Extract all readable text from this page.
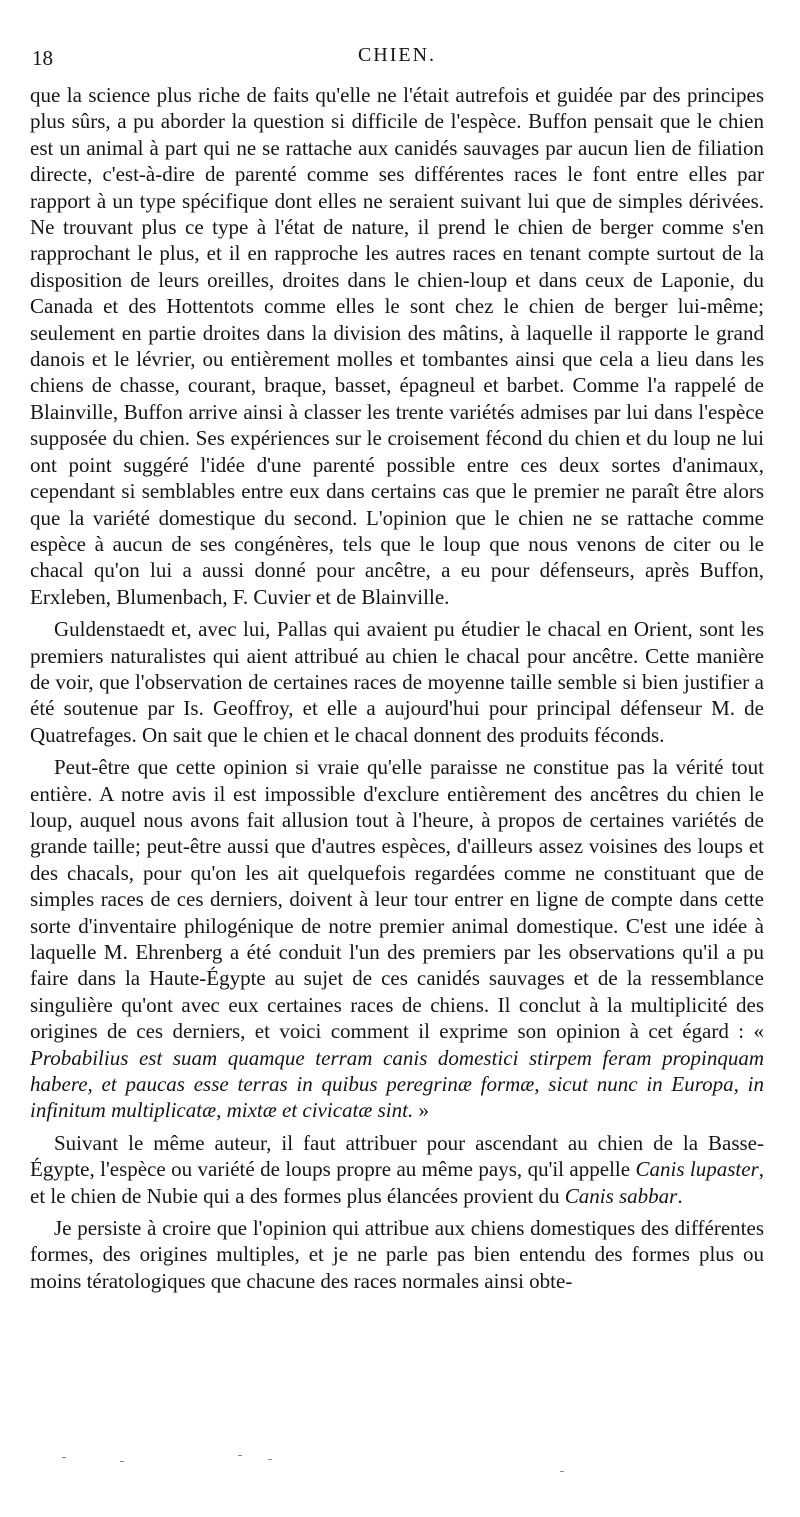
18	CHIEN.

que la science plus riche de faits qu'elle ne l'était autrefois et guidée par des principes plus sûrs, a pu aborder la question si difficile de l'espèce. Buffon pensait que le chien est un animal à part qui ne se rattache aux canidés sauvages par aucun lien de filiation directe, c'est-à-dire de parenté comme ses différentes races le font entre elles par rapport à un type spécifique dont elles ne seraient suivant lui que de simples dérivées. Ne trouvant plus ce type à l'état de nature, il prend le chien de berger comme s'en rapprochant le plus, et il en rapproche les autres races en tenant compte surtout de la disposition de leurs oreilles, droites dans le chien-loup et dans ceux de Laponie, du Canada et des Hottentots comme elles le sont chez le chien de berger lui-même; seulement en partie droites dans la division des mâtins, à laquelle il rapporte le grand danois et le lévrier, ou entièrement molles et tombantes ainsi que cela a lieu dans les chiens de chasse, courant, braque, basset, épagneul et barbet. Comme l'a rappelé de Blainville, Buffon arrive ainsi à classer les trente variétés admises par lui dans l'espèce supposée du chien. Ses expériences sur le croisement fécond du chien et du loup ne lui ont point suggéré l'idée d'une parenté possible entre ces deux sortes d'animaux, cependant si semblables entre eux dans certains cas que le premier ne paraît être alors que la variété domestique du second. L'opinion que le chien ne se rattache comme espèce à aucun de ses congénères, tels que le loup que nous venons de citer ou le chacal qu'on lui a aussi donné pour ancêtre, a eu pour défenseurs, après Buffon, Erxleben, Blumenbach, F. Cuvier et de Blainville.

Guldenstaedt et, avec lui, Pallas qui avaient pu étudier le chacal en Orient, sont les premiers naturalistes qui aient attribué au chien le chacal pour ancêtre. Cette manière de voir, que l'observation de certaines races de moyenne taille semble si bien justifier a été soutenue par Is. Geoffroy, et elle a aujourd'hui pour principal défenseur M. de Quatrefages. On sait que le chien et le chacal donnent des produits féconds.

Peut-être que cette opinion si vraie qu'elle paraisse ne constitue pas la vérité tout entière. A notre avis il est impossible d'exclure entièrement des ancêtres du chien le loup, auquel nous avons fait allusion tout à l'heure, à propos de certaines variétés de grande taille; peut-être aussi que d'autres espèces, d'ailleurs assez voisines des loups et des chacals, pour qu'on les ait quelquefois regardées comme ne constituant que de simples races de ces derniers, doivent à leur tour entrer en ligne de compte dans cette sorte d'inventaire philogénique de notre premier animal domestique. C'est une idée à laquelle M. Ehrenberg a été conduit l'un des premiers par les observations qu'il a pu faire dans la Haute-Égypte au sujet de ces canidés sauvages et de la ressemblance singulière qu'ont avec eux certaines races de chiens. Il conclut à la multiplicité des origines de ces derniers, et voici comment il exprime son opinion à cet égard : « Probabilius est suam quamque terram canis domestici stirpem feram propinquam habere, et paucas esse terras in quibus peregrinæ formæ, sicut nunc in Europa, in infinitum multiplicatæ, mixtæ et civicatæ sint. »

Suivant le même auteur, il faut attribuer pour ascendant au chien de la Basse-Égypte, l'espèce ou variété de loups propre au même pays, qu'il appelle Canis lupaster, et le chien de Nubie qui a des formes plus élancées provient du Canis sabbar.

Je persiste à croire que l'opinion qui attribue aux chiens domestiques des différentes formes, des origines multiples, et je ne parle pas bien entendu des formes plus ou moins tératologiques que chacune des races normales ainsi obte-
